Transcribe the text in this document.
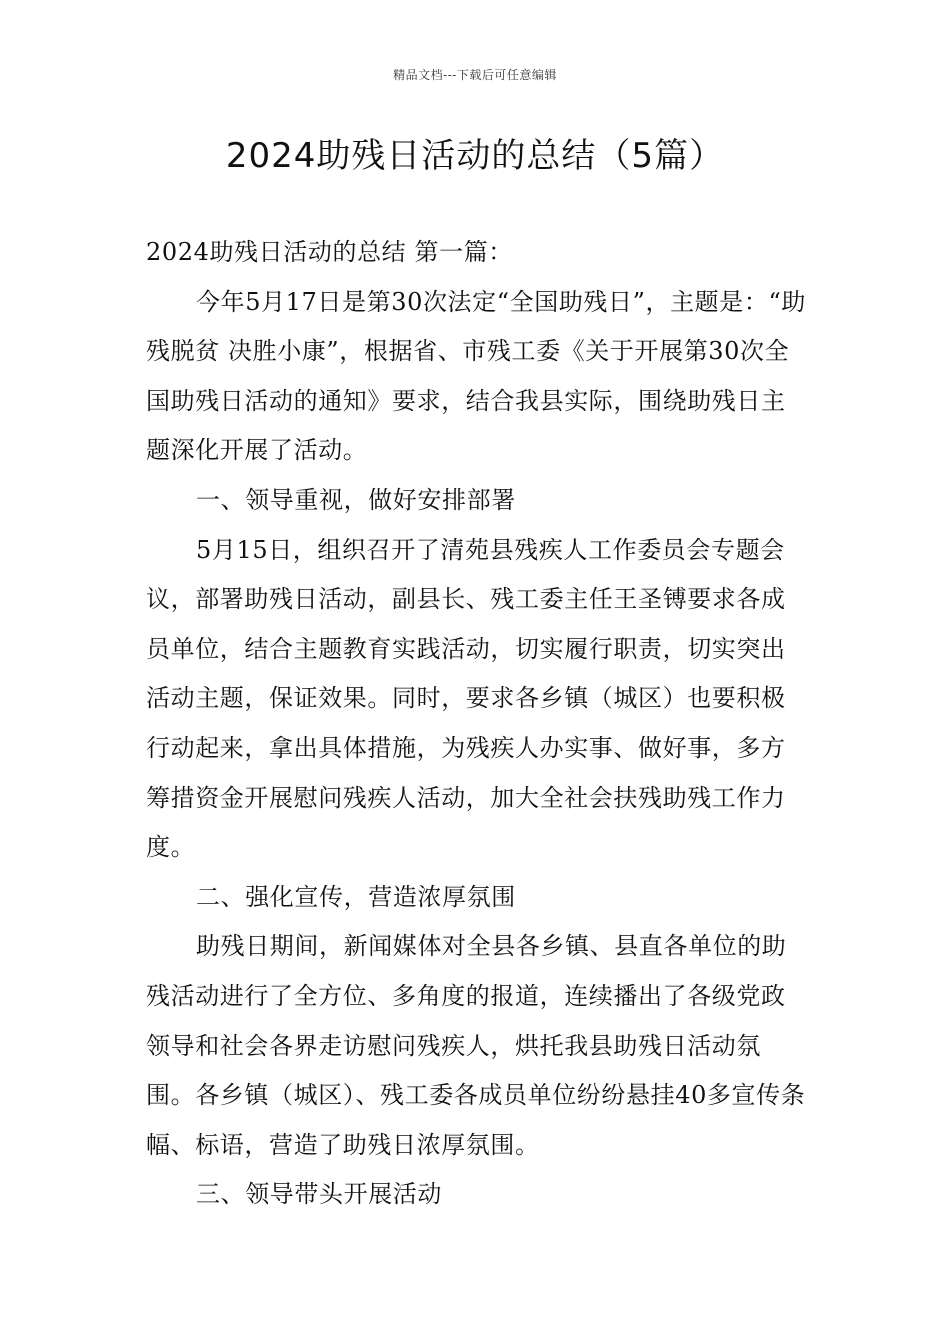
精品文档---下载后可任意编辑
2024助残日活动的总结（5篇）

2024助残日活动的总结 第一篇：

今年5月17日是第30次法定“全国助残日”，主题是：“助残脱贫 决胜小康”，根据省、市残工委《关于开展第30次全国助残日活动的通知》要求，结合我县实际，围绕助残日主题深化开展了活动。

一、领导重视，做好安排部署

5月15日，组织召开了清苑县残疾人工作委员会专题会议，部署助残日活动，副县长、残工委主任王圣镈要求各成员单位，结合主题教育实践活动，切实履行职责，切实突出活动主题，保证效果。同时，要求各乡镇（城区）也要积极行动起来，拿出具体措施，为残疾人办实事、做好事，多方筹措资金开展慰问残疾人活动，加大全社会扶残助残工作力度。

二、强化宣传，营造浓厚氛围

助残日期间，新闻媒体对全县各乡镇、县直各单位的助残活动进行了全方位、多角度的报道，连续播出了各级党政领导和社会各界走访慰问残疾人，烘托我县助残日活动氛围。各乡镇（城区）、残工委各成员单位纷纷悬挂40多宣传条幅、标语，营造了助残日浓厚氛围。

三、领导带头开展活动
